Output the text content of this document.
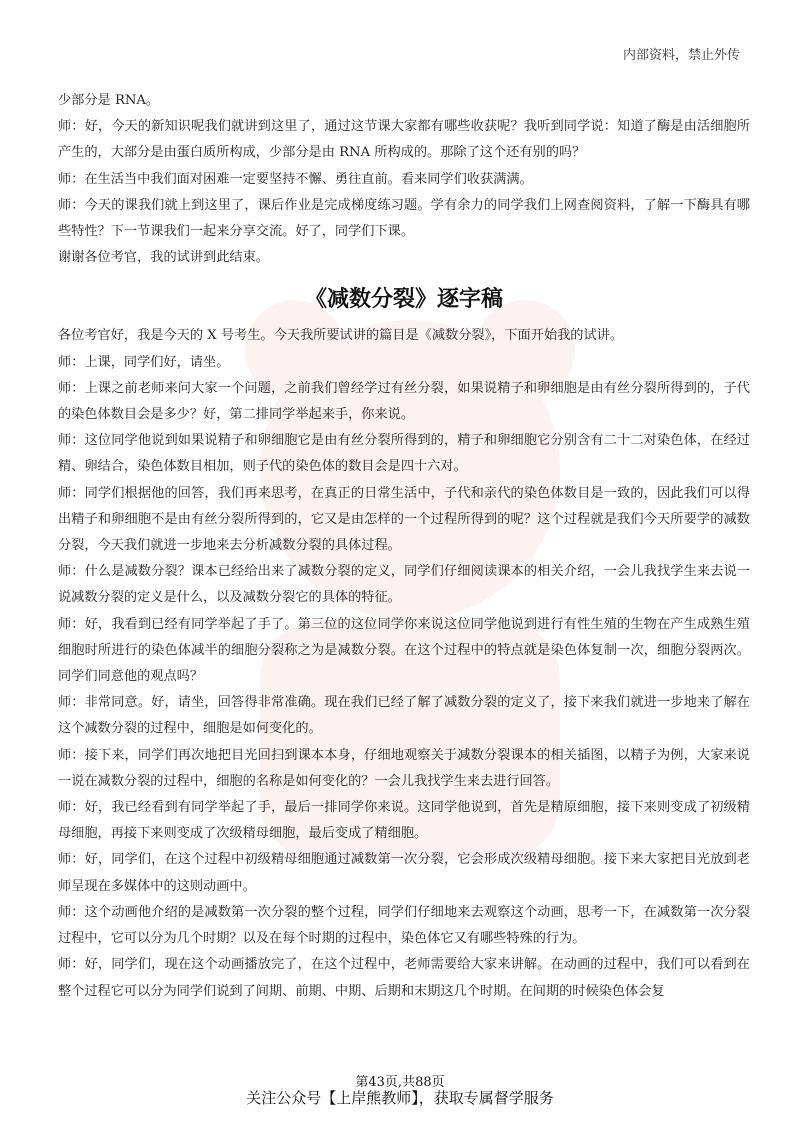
内部资料，禁止外传

少部分是 RNA。

师：好，今天的新知识呢我们就讲到这里了，通过这节课大家都有哪些收获呢？我听到同学说：知道了酶是由活细胞所产生的，大部分是由蛋白质所构成，少部分是由 RNA 所构成的。那除了这个还有别的吗？

师：在生活当中我们面对困难一定要坚持不懈、勇往直前。看来同学们收获满满。

师：今天的课我们就上到这里了，课后作业是完成梯度练习题。学有余力的同学我们上网查阅资料，了解一下酶具有哪些特性？下一节课我们一起来分享交流。好了，同学们下课。

谢谢各位考官，我的试讲到此结束。

《减数分裂》逐字稿

各位考官好，我是今天的 X 号考生。今天我所要试讲的篇目是《减数分裂》，下面开始我的试讲。

师：上课，同学们好，请坐。

师：上课之前老师来问大家一个问题，之前我们曾经学过有丝分裂，如果说精子和卵细胞是由有丝分裂所得到的，子代的染色体数目会是多少？好，第二排同学举起来手，你来说。

师：这位同学他说到如果说精子和卵细胞它是由有丝分裂所得到的，精子和卵细胞它分别含有二十二对染色体，在经过精、卵结合，染色体数目相加，则子代的染色体的数目会是四十六对。

师：同学们根据他的回答，我们再来思考，在真正的日常生活中，子代和亲代的染色体数目是一致的，因此我们可以得出精子和卵细胞不是由有丝分裂所得到的，它又是由怎样的一个过程所得到的呢？这个过程就是我们今天所要学的减数分裂，今天我们就进一步地来去分析减数分裂的具体过程。

师：什么是减数分裂？课本已经给出来了减数分裂的定义，同学们仔细阅读课本的相关介绍，一会儿我找学生来去说一说减数分裂的定义是什么，以及减数分裂它的具体的特征。

师：好，我看到已经有同学举起了手了。第三位的这位同学你来说这位同学他说到进行有性生殖的生物在产生成熟生殖细胞时所进行的染色体减半的细胞分裂称之为是减数分裂。在这个过程中的特点就是染色体复制一次，细胞分裂两次。同学们同意他的观点吗？

师：非常同意。好，请坐，回答得非常准确。现在我们已经了解了减数分裂的定义了，接下来我们就进一步地来了解在这个减数分裂的过程中，细胞是如何变化的。

师：接下来，同学们再次地把目光回扫到课本本身，仔细地观察关于减数分裂课本的相关插图，以精子为例，大家来说一说在减数分裂的过程中，细胞的名称是如何变化的？一会儿我找学生来去进行回答。

师：好，我已经看到有同学举起了手，最后一排同学你来说。这同学他说到，首先是精原细胞，接下来则变成了初级精母细胞，再接下来则变成了次级精母细胞，最后变成了精细胞。

师：好，同学们，在这个过程中初级精母细胞通过减数第一次分裂，它会形成次级精母细胞。接下来大家把目光放到老师呈现在多媒体中的这则动画中。

师：这个动画他介绍的是减数第一次分裂的整个过程，同学们仔细地来去观察这个动画，思考一下，在减数第一次分裂过程中，它可以分为几个时期？以及在每个时期的过程中，染色体它又有哪些特殊的行为。

师：好，同学们，现在这个动画播放完了，在这个过程中，老师需要给大家来讲解。在动画的过程中，我们可以看到在整个过程它可以分为同学们说到了间期、前期、中期、后期和末期这几个时期。在间期的时候染色体会复

第43页,共88页
关注公众号【上岸熊教师】，获取专属督学服务
